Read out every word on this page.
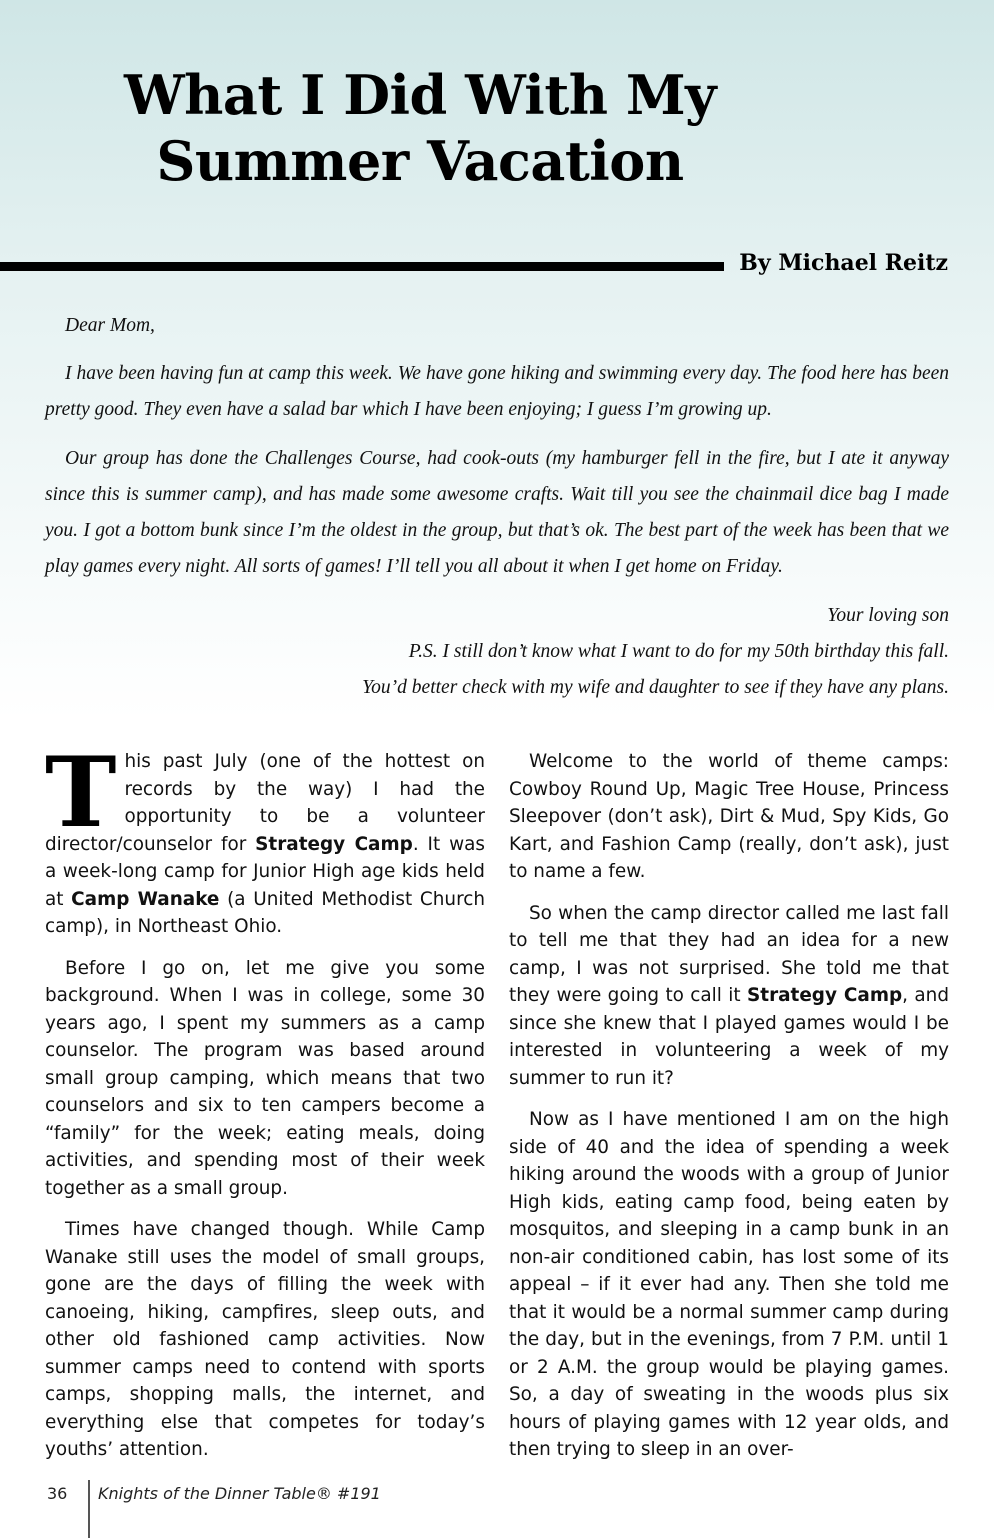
What I Did With My
Summer Vacation

By Michael Reitz

Dear Mom,

I have been having fun at camp this week. We have gone hiking and swimming every day. The food here has been pretty good. They even have a salad bar which I have been enjoying; I guess I’m growing up.

Our group has done the Challenges Course, had cook-outs (my hamburger fell in the fire, but I ate it anyway since this is summer camp), and has made some awesome crafts. Wait till you see the chainmail dice bag I made you. I got a bottom bunk since I’m the oldest in the group, but that’s ok. The best part of the week has been that we play games every night. All sorts of games! I’ll tell you all about it when I get home on Friday.

Your loving son

P.S. I still don’t know what I want to do for my 50th birthday this fall.

You’d better check with my wife and daughter to see if they have any plans.

This past July (one of the hottest on records by the way) I had the opportunity to be a volunteer director/counselor for Strategy Camp. It was a week-long camp for Junior High age kids held at Camp Wanake (a United Methodist Church camp), in Northeast Ohio.

Before I go on, let me give you some background. When I was in college, some 30 years ago, I spent my summers as a camp counselor. The program was based around small group camping, which means that two counselors and six to ten campers become a “family” for the week; eating meals, doing activities, and spending most of their week together as a small group.

Times have changed though. While Camp Wanake still uses the model of small groups, gone are the days of filling the week with canoeing, hiking, campfires, sleep outs, and other old fashioned camp activities. Now summer camps need to contend with sports camps, shopping malls, the internet, and everything else that competes for today’s youths’ attention.

Welcome to the world of theme camps: Cowboy Round Up, Magic Tree House, Princess Sleepover (don’t ask), Dirt & Mud, Spy Kids, Go Kart, and Fashion Camp (really, don’t ask), just to name a few.

So when the camp director called me last fall to tell me that they had an idea for a new camp, I was not surprised. She told me that they were going to call it Strategy Camp, and since she knew that I played games would I be interested in volunteering a week of my summer to run it?

Now as I have mentioned I am on the high side of 40 and the idea of spending a week hiking around the woods with a group of Junior High kids, eating camp food, being eaten by mosquitos, and sleeping in a camp bunk in an non-air conditioned cabin, has lost some of its appeal – if it ever had any. Then she told me that it would be a normal summer camp during the day, but in the evenings, from 7 P.M. until 1 or 2 A.M. the group would be playing games. So, a day of sweating in the woods plus six hours of playing games with 12 year olds, and then trying to sleep in an over-

36 Knights of the Dinner Table® #191
